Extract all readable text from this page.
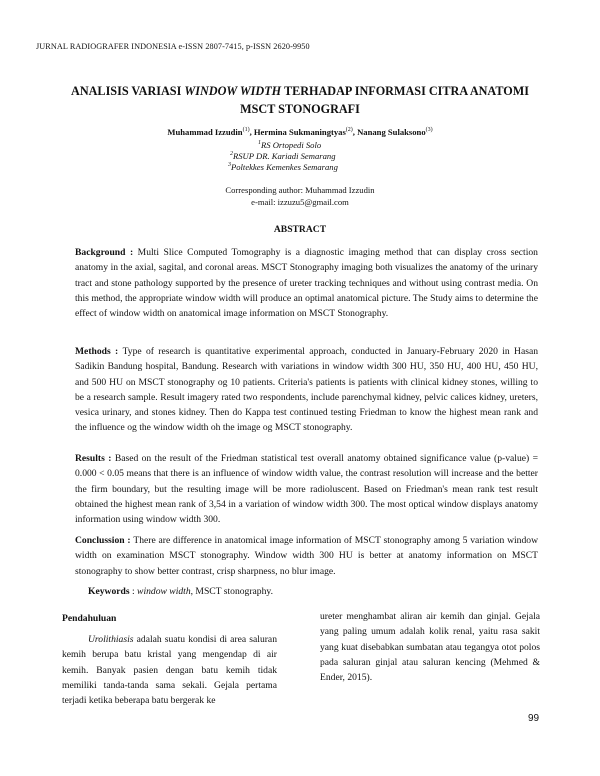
JURNAL RADIOGRAFER INDONESIA e-ISSN 2807-7415, p-ISSN 2620-9950
ANALISIS VARIASI WINDOW WIDTH TERHADAP INFORMASI CITRA ANATOMI
MSCT STONOGRAFI
Muhammad Izzudin$^{(1)}$, Hermina Sukmaningtyas$^{(2)}$, Nanang Sulaksono$^{(3)}$
$^1$RS Ortopedi Solo
$^2$RSUP DR. Kariadi Semarang
$^3$Poltekkes Kemenkes Semarang
Corresponding author: Muhammad Izzudin
e-mail: izzuzu5@gmail.com
ABSTRACT
Background : Multi Slice Computed Tomography is a diagnostic imaging method that can display cross section anatomy in the axial, sagital, and coronal areas. MSCT Stonography imaging both visualizes the anatomy of the urinary tract and stone pathology supported by the presence of ureter tracking techniques and without using contrast media. On this method, the appropriate window width will produce an optimal anatomical picture. The Study aims to determine the effect of window width on anatomical image information on MSCT Stonography.
Methods : Type of research is quantitative experimental approach, conducted in January-February 2020 in Hasan Sadikin Bandung hospital, Bandung. Research with variations in window width 300 HU, 350 HU, 400 HU, 450 HU, and 500 HU on MSCT stonography og 10 patients. Criteria's patients is patients with clinical kidney stones, willing to be a research sample. Result imagery rated two respondents, include parenchymal kidney, pelvic calices kidney, ureters, vesica urinary, and stones kidney. Then do Kappa test continued testing Friedman to know the highest mean rank and the influence og the window width oh the image og MSCT stonography.
Results : Based on the result of the Friedman statistical test overall anatomy obtained significance value (p-value) = 0.000 < 0.05 means that there is an influence of window width value, the contrast resolution will increase and the better the firm boundary, but the resulting image will be more radioluscent. Based on Friedman's mean rank test result obtained the highest mean rank of 3,54 in a variation of window width 300. The most optical window displays anatomy information using window width 300.
Conclussion : There are difference in anatomical image information of MSCT stonography among 5 variation window width on examination MSCT stonography. Window width 300 HU is better at anatomy information on MSCT stonography to show better contrast, crisp sharpness, no blur image.
Keywords : window width, MSCT stonography.
Pendahuluan
Urolithiasis adalah suatu kondisi di area saluran kemih berupa batu kristal yang mengendap di air kemih. Banyak pasien dengan batu kemih tidak memiliki tanda-tanda sama sekali. Gejala pertama terjadi ketika beberapa batu bergerak ke
ureter menghambat aliran air kemih dan ginjal. Gejala yang paling umum adalah kolik renal, yaitu rasa sakit yang kuat disebabkan sumbatan atau tegangya otot polos pada saluran ginjal atau saluran kencing (Mehmed & Ender, 2015).
99
